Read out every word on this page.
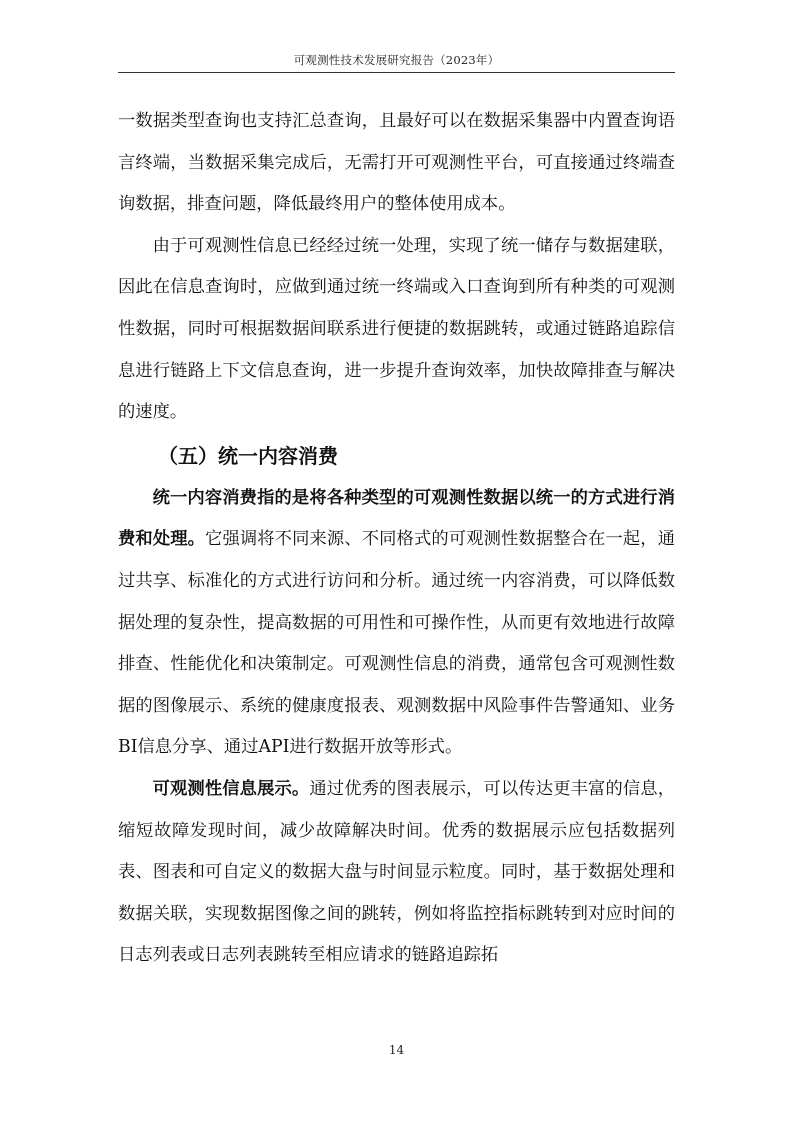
可观测性技术发展研究报告（2023年）

一数据类型查询也支持汇总查询，且最好可以在数据采集器中内置查询语言终端，当数据采集完成后，无需打开可观测性平台，可直接通过终端查询数据，排查问题，降低最终用户的整体使用成本。

由于可观测性信息已经经过统一处理，实现了统一储存与数据建联，因此在信息查询时，应做到通过统一终端或入口查询到所有种类的可观测性数据，同时可根据数据间联系进行便捷的数据跳转，或通过链路追踪信息进行链路上下文信息查询，进一步提升查询效率，加快故障排查与解决的速度。

（五）统一内容消费

统一内容消费指的是将各种类型的可观测性数据以统一的方式进行消费和处理。它强调将不同来源、不同格式的可观测性数据整合在一起，通过共享、标准化的方式进行访问和分析。通过统一内容消费，可以降低数据处理的复杂性，提高数据的可用性和可操作性，从而更有效地进行故障排查、性能优化和决策制定。可观测性信息的消费，通常包含可观测性数据的图像展示、系统的健康度报表、观测数据中风险事件告警通知、业务BI信息分享、通过API进行数据开放等形式。

可观测性信息展示。通过优秀的图表展示，可以传达更丰富的信息，缩短故障发现时间，减少故障解决时间。优秀的数据展示应包括数据列表、图表和可自定义的数据大盘与时间显示粒度。同时，基于数据处理和数据关联，实现数据图像之间的跳转，例如将监控指标跳转到对应时间的日志列表或日志列表跳转至相应请求的链路追踪拓

14
